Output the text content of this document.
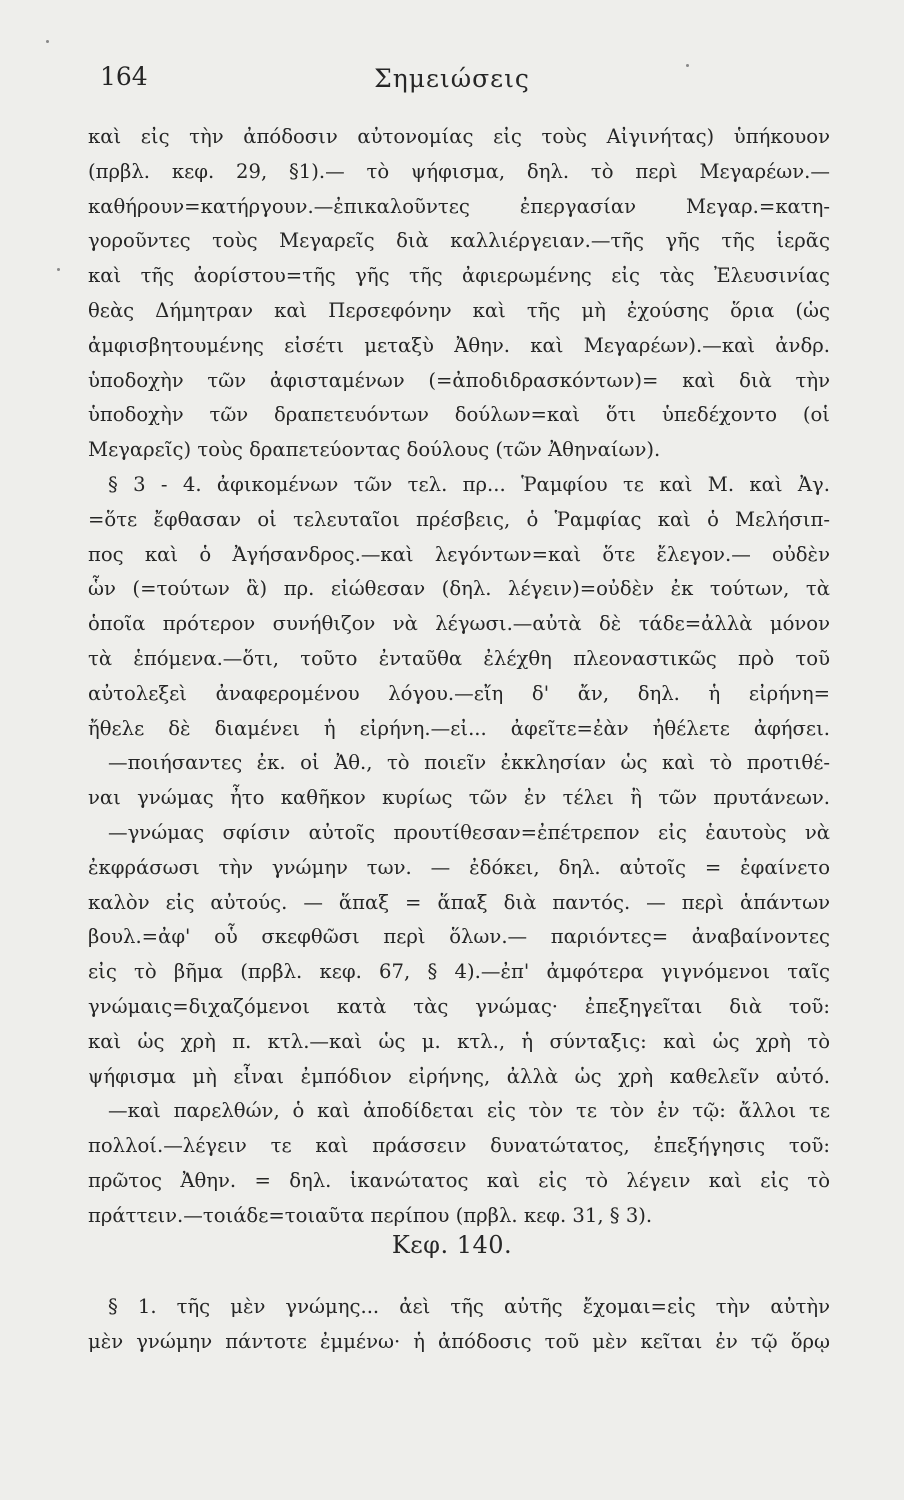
164	Σημειώσεις
καὶ εἰς τὴν ἀπόδοσιν αὐτονομίας εἰς τοὺς Αἰγινήτας) ὑπήκουον
(πρβλ. κεφ. 29, §1).— τὸ ψήφισμα, δηλ. τὸ περὶ Μεγαρέων.—
καθήρουν=κατήργουν.—ἐπικαλοῦντες ἐπεργασίαν Μεγαρ.=κατη-
γοροῦντες τοὺς Μεγαρεῖς διὰ καλλιέργειαν.—τῆς γῆς τῆς ἱερᾶς
καὶ τῆς ἀορίστου=τῆς γῆς τῆς ἀφιερωμένης εἰς τὰς Ἐλευσινίας
θεὰς Δήμητραν καὶ Περσεφόνην καὶ τῆς μὴ ἐχούσης ὅρια (ὡς
ἀμφισβητουμένης εἰσέτι μεταξὺ Ἀθην. καὶ Μεγαρέων).—καὶ ἀνδρ.
ὑποδοχὴν τῶν ἀφισταμένων (=ἀποδιδρασκόντων)= καὶ διὰ τὴν
ὑποδοχὴν τῶν δραπετευόντων δούλων=καὶ ὅτι ὑπεδέχοντο (οἱ
Μεγαρεῖς) τοὺς δραπετεύοντας δούλους (τῶν Ἀθηναίων).
§ 3 - 4. ἀφικομένων τῶν τελ. πρ... Ῥαμφίου τε καὶ Μ. καὶ Ἀγ.
=ὅτε ἔφθασαν οἱ τελευταῖοι πρέσβεις, ὁ Ῥαμφίας καὶ ὁ Μελήσιπ-
πος καὶ ὁ Ἀγήσανδρος.—καὶ λεγόντων=καὶ ὅτε ἔλεγον.— οὐδὲν
ὧν (=τούτων ἃ) πρ. εἰώθεσαν (δηλ. λέγειν)=οὐδὲν ἐκ τούτων, τὰ
ὁποῖα πρότερον συνήθιζον νὰ λέγωσι.—αὐτὰ δὲ τάδε=ἀλλὰ μόνον
τὰ ἑπόμενα.—ὅτι, τοῦτο ἐνταῦθα ἐλέχθη πλεοναστικῶς πρὸ τοῦ
αὐτολεξεὶ ἀναφερομένου λόγου.—εἴη δ' ἄν, δηλ. ἡ εἰρήνη=
ἤθελε δὲ διαμένει ἡ εἰρήνη.—εἰ... ἀφεῖτε=ἐὰν ἠθέλετε ἀφήσει.
—ποιήσαντες ἐκ. οἱ Ἀθ., τὸ ποιεῖν ἐκκλησίαν ὡς καὶ τὸ προτιθέ-
ναι γνώμας ἦτο καθῆκον κυρίως τῶν ἐν τέλει ἢ τῶν πρυτάνεων.
—γνώμας σφίσιν αὐτοῖς προυτίθεσαν=ἐπέτρεπον εἰς ἑαυτοὺς νὰ
ἐκφράσωσι τὴν γνώμην των. — ἐδόκει, δηλ. αὐτοῖς = ἐφαίνετο
καλὸν εἰς αὐτούς. — ἅπαξ = ἅπαξ διὰ παντός. — περὶ ἁπάντων
βουλ.=ἀφ' οὗ σκεφθῶσι περὶ ὅλων.— παριόντες= ἀναβαίνοντες
εἰς τὸ βῆμα (πρβλ. κεφ. 67, § 4).—ἐπ' ἀμφότερα γιγνόμενοι ταῖς
γνώμαις=διχαζόμενοι κατὰ τὰς γνώμας· ἐπεξηγεῖται διὰ τοῦ:
καὶ ὡς χρὴ π. κτλ.—καὶ ὡς μ. κτλ., ἡ σύνταξις: καὶ ὡς χρὴ τὸ
ψήφισμα μὴ εἶναι ἐμπόδιον εἰρήνης, ἀλλὰ ὡς χρὴ καθελεῖν αὐτό.
—καὶ παρελθών, ὁ καὶ ἀποδίδεται εἰς τὸν τε τὸν ἐν τῷ: ἄλλοι τε
πολλοί.—λέγειν τε καὶ πράσσειν δυνατώτατος, ἐπεξήγησις τοῦ:
πρῶτος Ἀθην. = δηλ. ἱκανώτατος καὶ εἰς τὸ λέγειν καὶ εἰς τὸ
πράττειν.—τοιάδε=τοιαῦτα περίπου (πρβλ. κεφ. 31, § 3).
Κεφ. 140.
§ 1. τῆς μὲν γνώμης... ἀεὶ τῆς αὐτῆς ἔχομαι=εἰς τὴν αὐτὴν
μὲν γνώμην πάντοτε ἐμμένω· ἡ ἀπόδοσις τοῦ μὲν κεῖται ἐν τῷ ὅρῳ
